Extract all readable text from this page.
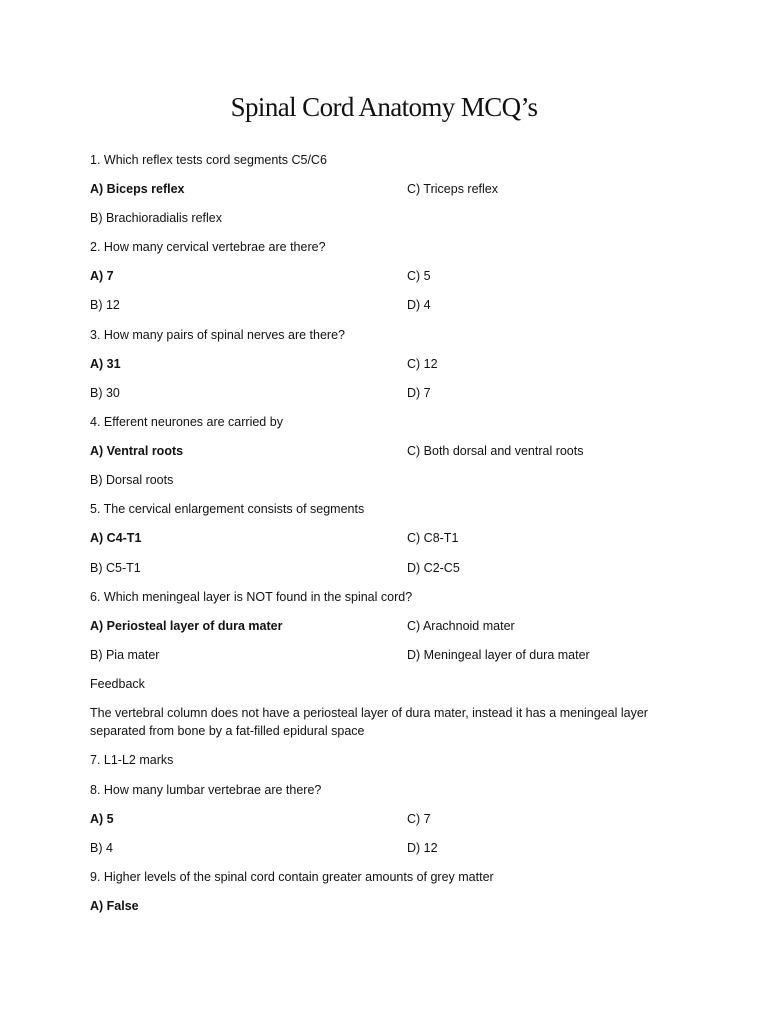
Spinal Cord Anatomy MCQ’s
1. Which reflex tests cord segments C5/C6
A) Biceps reflex	C) Triceps reflex
B) Brachioradialis reflex
2. How many cervical vertebrae are there?
A) 7	C) 5
B) 12	D) 4
3. How many pairs of spinal nerves are there?
A) 31	C) 12
B) 30	D) 7
4. Efferent neurones are carried by
A) Ventral roots	C) Both dorsal and ventral roots
B) Dorsal roots
5. The cervical enlargement consists of segments
A) C4-T1	C) C8-T1
B) C5-T1	D) C2-C5
6. Which meningeal layer is NOT found in the spinal cord?
A) Periosteal layer of dura mater	C) Arachnoid mater
B) Pia mater	D) Meningeal layer of dura mater
Feedback
The vertebral column does not have a periosteal layer of dura mater, instead it has a meningeal layer separated from bone by a fat-filled epidural space
7. L1-L2 marks
8. How many lumbar vertebrae are there?
A) 5	C) 7
B) 4	D) 12
9. Higher levels of the spinal cord contain greater amounts of grey matter
A) False
